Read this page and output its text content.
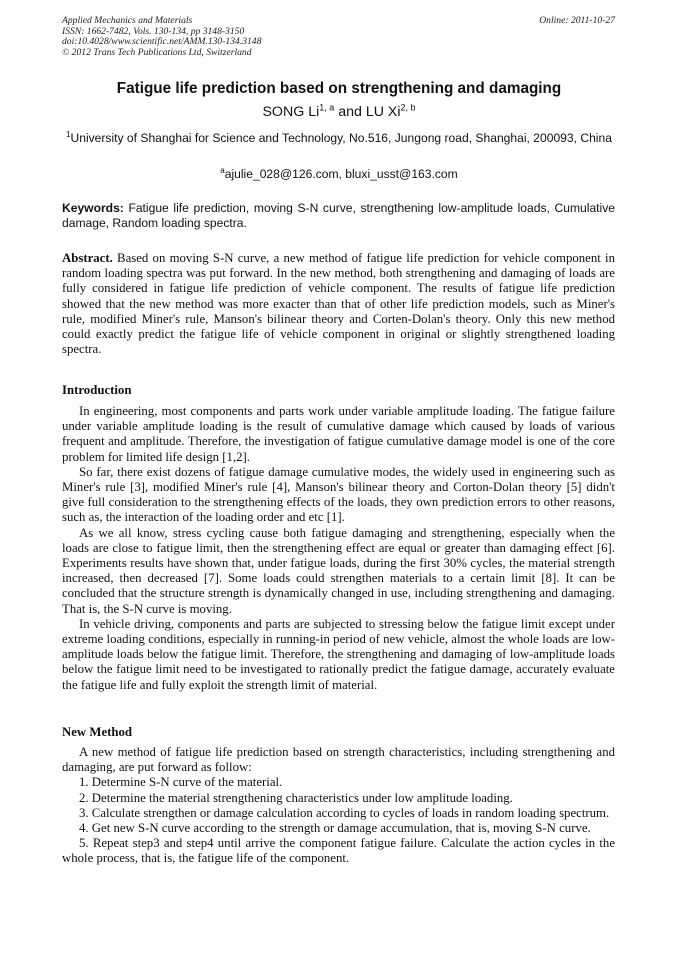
Applied Mechanics and Materials
ISSN: 1662-7482, Vols. 130-134, pp 3148-3150
doi:10.4028/www.scientific.net/AMM.130-134.3148
© 2012 Trans Tech Publications Ltd, Switzerland
Online: 2011-10-27
Fatigue life prediction based on strengthening and damaging
SONG Li$^{1, a}$ and LU Xi$^{2, b}$
$^1$University of Shanghai for Science and Technology, No.516, Jungong road, Shanghai, 200093, China
$^a$ajulie_028@126.com, bluxi_usst@163.com
Keywords: Fatigue life prediction, moving S-N curve, strengthening low-amplitude loads, Cumulative damage, Random loading spectra.
Abstract. Based on moving S-N curve, a new method of fatigue life prediction for vehicle component in random loading spectra was put forward. In the new method, both strengthening and damaging of loads are fully considered in fatigue life prediction of vehicle component. The results of fatigue life prediction showed that the new method was more exacter than that of other life prediction models, such as Miner's rule, modified Miner's rule, Manson's bilinear theory and Corten-Dolan's theory. Only this new method could exactly predict the fatigue life of vehicle component in original or slightly strengthened loading spectra.
Introduction

In engineering, most components and parts work under variable amplitude loading. The fatigue failure under variable amplitude loading is the result of cumulative damage which caused by loads of various frequent and amplitude. Therefore, the investigation of fatigue cumulative damage model is one of the core problem for limited life design [1,2].

So far, there exist dozens of fatigue damage cumulative modes, the widely used in engineering such as Miner's rule [3], modified Miner's rule [4], Manson's bilinear theory and Corton-Dolan theory [5] didn't give full consideration to the strengthening effects of the loads, they own prediction errors to other reasons, such as, the interaction of the loading order and etc [1].

As we all know, stress cycling cause both fatigue damaging and strengthening, especially when the loads are close to fatigue limit, then the strengthening effect are equal or greater than damaging effect [6]. Experiments results have shown that, under fatigue loads, during the first 30% cycles, the material strength increased, then decreased [7]. Some loads could strengthen materials to a certain limit [8]. It can be concluded that the structure strength is dynamically changed in use, including strengthening and damaging. That is, the S-N curve is moving.

In vehicle driving, components and parts are subjected to stressing below the fatigue limit except under extreme loading conditions, especially in running-in period of new vehicle, almost the whole loads are low-amplitude loads below the fatigue limit. Therefore, the strengthening and damaging of low-amplitude loads below the fatigue limit need to be investigated to rationally predict the fatigue damage, accurately evaluate the fatigue life and fully exploit the strength limit of material.

New Method

A new method of fatigue life prediction based on strength characteristics, including strengthening and damaging, are put forward as follow:

1. Determine S-N curve of the material.

2. Determine the material strengthening characteristics under low amplitude loading.

3. Calculate strengthen or damage calculation according to cycles of loads in random loading spectrum.

4. Get new S-N curve according to the strength or damage accumulation, that is, moving S-N curve.

5. Repeat step3 and step4 until arrive the component fatigue failure. Calculate the action cycles in the whole process, that is, the fatigue life of the component.
